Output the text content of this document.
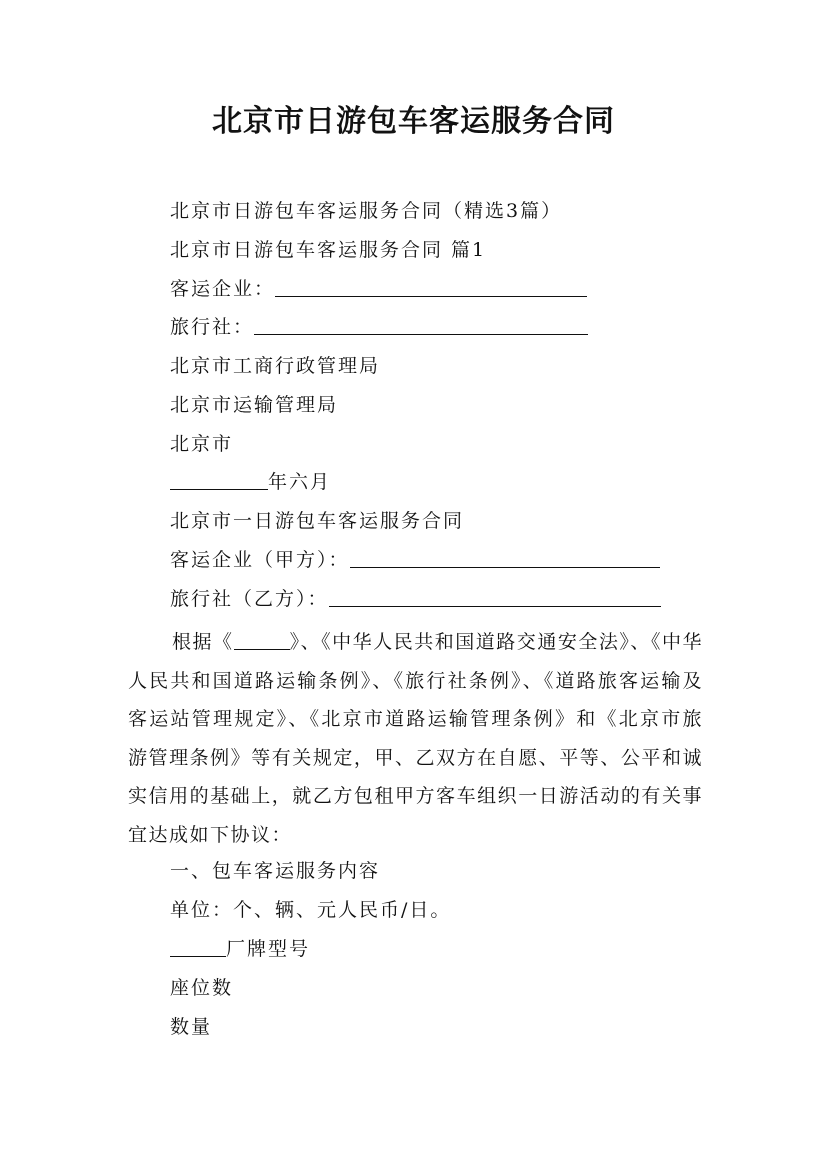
北京市日游包车客运服务合同
北京市日游包车客运服务合同（精选3篇）
北京市日游包车客运服务合同 篇1
客运企业：
旅行社：
北京市工商行政管理局
北京市运输管理局
北京市
年六月
北京市一日游包车客运服务合同
客运企业（甲方）：
旅行社（乙方）：
根据《	》、《中华人民共和国道路交通安全法》、《中华人民共和国道路运输条例》、《旅行社条例》、《道路旅客运输及客运站管理规定》、《北京市道路运输管理条例》和《北京市旅游管理条例》等有关规定，甲、乙双方在自愿、平等、公平和诚实信用的基础上，就乙方包租甲方客车组织一日游活动的有关事宜达成如下协议：
一、包车客运服务内容
单位：个、辆、元人民币/日。
厂牌型号
座位数
数量
